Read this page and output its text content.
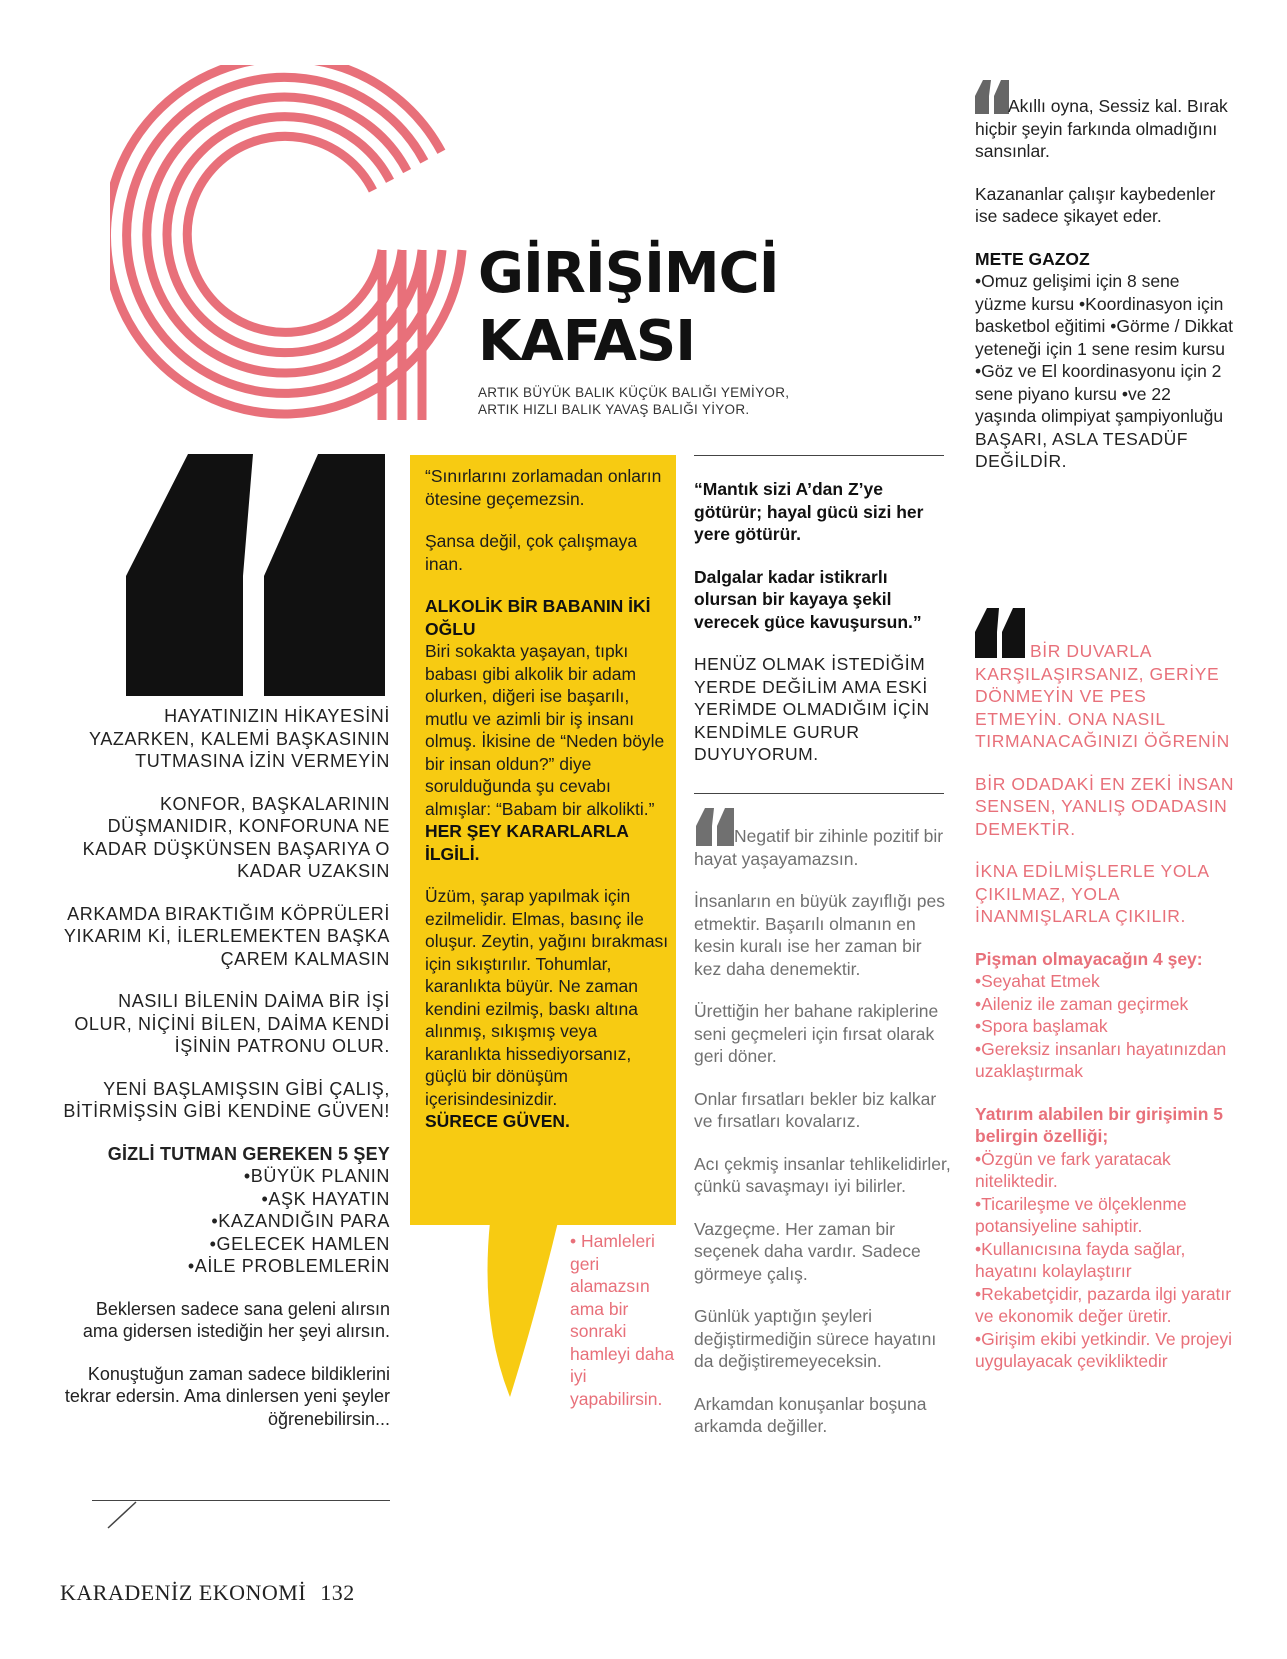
GİRİŞİMCİ
KAFASI
ARTIK BÜYÜK BALIK KÜÇÜK BALIĞI YEMİYOR,
ARTIK HIZLI BALIK YAVAŞ BALIĞI YİYOR.

HAYATINIZIN HİKAYESİNİ YAZARKEN, KALEMİ BAŞKASININ TUTMASINA İZİN VERMEYİN

KONFOR, BAŞKALARININ DÜŞMANIDIR, KONFORUNA NE KADAR DÜŞKÜNSEN BAŞARIYA O KADAR UZAKSIN

ARKAMDA BIRAKTIĞIM KÖPRÜLERİ YIKARIM Kİ, İLERLEMEKTEN BAŞKA ÇAREM KALMASIN

NASILI BİLENİN DAİMA BİR İŞİ OLUR, NİÇİNİ BİLEN, DAİMA KENDİ İŞİNİN PATRONU OLUR.

YENİ BAŞLAMIŞSIN GİBİ ÇALIŞ, BİTİRMİŞSİN GİBİ KENDİNE GÜVEN!

GİZLİ TUTMAN GEREKEN 5 ŞEY
•BÜYÜK PLANIN
•AŞK HAYATIN
•KAZANDIĞIN PARA
•GELECEK HAMLEN
•AİLE PROBLEMLERİN

Beklersen sadece sana geleni alırsın ama gidersen istediğin her şeyi alırsın.

Konuştuğun zaman sadece bildiklerini tekrar edersin. Ama dinlersen yeni şeyler öğrenebilirsin...

“Sınırlarını zorlamadan onların ötesine geçemezsin.

Şansa değil, çok çalışmaya inan.

ALKOLİK BİR BABANIN İKİ OĞLU

Biri sokakta yaşayan, tıpkı babası gibi alkolik bir adam olurken, diğeri ise başarılı, mutlu ve azimli bir iş insanı olmuş. İkisine de “Neden böyle bir insan oldun?” diye sorulduğunda şu cevabı almışlar: “Babam bir alkolikti.”

HER ŞEY KARARLARLA İLGİLİ.

Üzüm, şarap yapılmak için ezilmelidir. Elmas, basınç ile oluşur. Zeytin, yağını bırakması için sıkıştırılır. Tohumlar, karanlıkta büyür. Ne zaman kendini ezilmiş, baskı altına alınmış, sıkışmış veya karanlıkta hissediyorsanız, güçlü bir dönüşüm içerisindesinizdir.

SÜRECE GÜVEN.

• Hamleleri geri alamazsın ama bir sonraki hamleyi daha iyi yapabilirsin.

“Mantık sizi A’dan Z’ye götürür; hayal gücü sizi her yere götürür.

Dalgalar kadar istikrarlı olursan bir kayaya şekil verecek güce kavuşursun.”

HENÜZ OLMAK İSTEDİĞİM YERDE DEĞİLİM AMA ESKİ YERİMDE OLMADIĞIM İÇİN KENDİMLE GURUR DUYUYORUM.

Negatif bir zihinle pozitif bir hayat yaşayamazsın.

İnsanların en büyük zayıflığı pes etmektir. Başarılı olmanın en kesin kuralı ise her zaman bir kez daha denemektir.

Ürettiğin her bahane rakiplerine seni geçmeleri için fırsat olarak geri döner.

Onlar fırsatları bekler biz kalkar ve fırsatları kovalarız.

Acı çekmiş insanlar tehlikelidirler, çünkü savaşmayı iyi bilirler.

Vazgeçme. Her zaman bir seçenek daha vardır. Sadece görmeye çalış.

Günlük yaptığın şeyleri değiştirmediğin sürece hayatını da değiştiremeyeceksin.

Arkamdan konuşanlar boşuna arkamda değiller.

Akıllı oyna, Sessiz kal. Bırak hiçbir şeyin farkında olmadığını sansınlar.

Kazananlar çalışır kaybedenler ise sadece şikayet eder.

METE GAZOZ

•Omuz gelişimi için 8 sene yüzme kursu •Koordinasyon için basketbol eğitimi •Görme / Dikkat yeteneği için 1 sene resim kursu •Göz ve El koordinasyonu için 2 sene piyano kursu •ve 22 yaşında olimpiyat şampiyonluğu

BAŞARI, ASLA TESADÜF DEĞİLDİR.

BİR DUVARLA KARŞILAŞIRSANIZ, GERİYE DÖNMEYİN VE PES ETMEYİN. ONA NASIL TIRMANACAĞINIZI ÖĞRENİN

BİR ODADAKİ EN ZEKİ İNSAN SENSEN, YANLIŞ ODADASIN DEMEKTİR.

İKNA EDİLMİŞLERLE YOLA ÇIKILMAZ, YOLA İNANMIŞLARLA ÇIKILIR.

Pişman olmayacağın 4 şey:
•Seyahat Etmek
•Aileniz ile zaman geçirmek
•Spora başlamak
•Gereksiz insanları hayatınızdan uzaklaştırmak
Yatırım alabilen bir girişimin 5 belirgin özelliği;
•Özgün ve fark yaratacak niteliktedir.
•Ticarileşme ve ölçeklenme potansiyeline sahiptir.
•Kullanıcısına fayda sağlar, hayatını kolaylaştırır
•Rekabetçidir, pazarda ilgi yaratır ve ekonomik değer üretir.
•Girişim ekibi yetkindir. Ve projeyi uygulayacak çevikliktedir
KARADENİZ EKONOMİ 132
